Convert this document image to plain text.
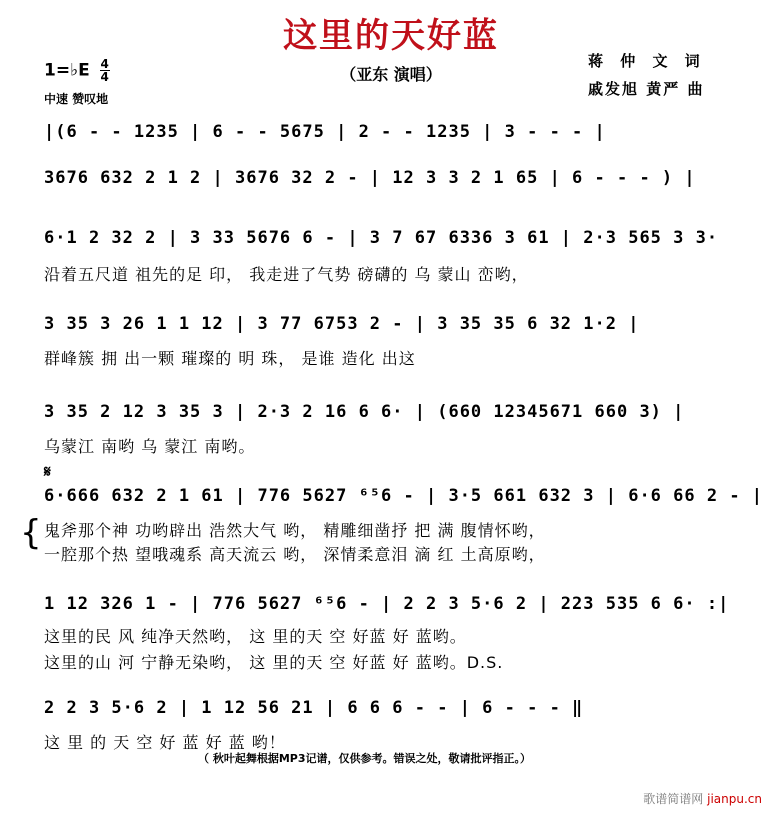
这里的天好蓝
（亚东 演唱）
蒋 仲 文 词
戚发旭 黄严 曲
1=♭E $\frac{4}{4}$
中速 赞叹地
|(6 - - 1235 | 6 - - 5675 | 2 - - 1235 | 3 - - - |
3676 632 2 1 2 | 3676 32 2 - | 12 3 3 2 1 65 | 6 - - - ) |
6·1 2 32 2 | 3 33 5676 6 - | 3 7 67 6336 3 61 | 2·3 565 3 3·
沿着五尺道 祖先的足 印， 我走进了气势 磅礴的 乌 蒙山 峦哟，
3 35 3 26 1 1 12 | 3 77 6753 2 - | 3 35 35 6 32 1·2 |
群峰簇 拥 出一颗 璀璨的 明 珠， 是谁 造化 出这
3 35 2 12 3 35 3 | 2·3 2 16 6 6· | (660 12345671 660 3) |
乌蒙江 南哟 乌 蒙江 南哟。
𝄋
6·666 632 2 1 61 | 776 5627 ⁶⁵6 - | 3·5 661 632 3 | 6·6 66 2 - |
{ 鬼斧那个神 功哟辟出 浩然大气 哟， 精雕细凿抒 把 满 腹情怀哟，
一腔那个热 望哦魂系 高天流云 哟， 深情柔意泪 滴 红 土高原哟，
1 12 326 1 - | 776 5627 ⁶⁵6 - | 2 2 3 5·6 2 | 223 535 6 6· :|
这里的民 风 纯净天然哟， 这 里的天 空 好蓝 好 蓝哟。
这里的山 河 宁静无染哟， 这 里的天 空 好蓝 好 蓝哟。D.S.
2 2 3 5·6 2 | 1 12 56 21 | 6 6 6 - - | 6 - - - ‖
这 里 的 天 空 好 蓝 好 蓝 哟！
（ 秋叶起舞根据MP3记谱，仅供参考。错误之处，敬请批评指正。）
歌谱简谱网 jianpu.cn
